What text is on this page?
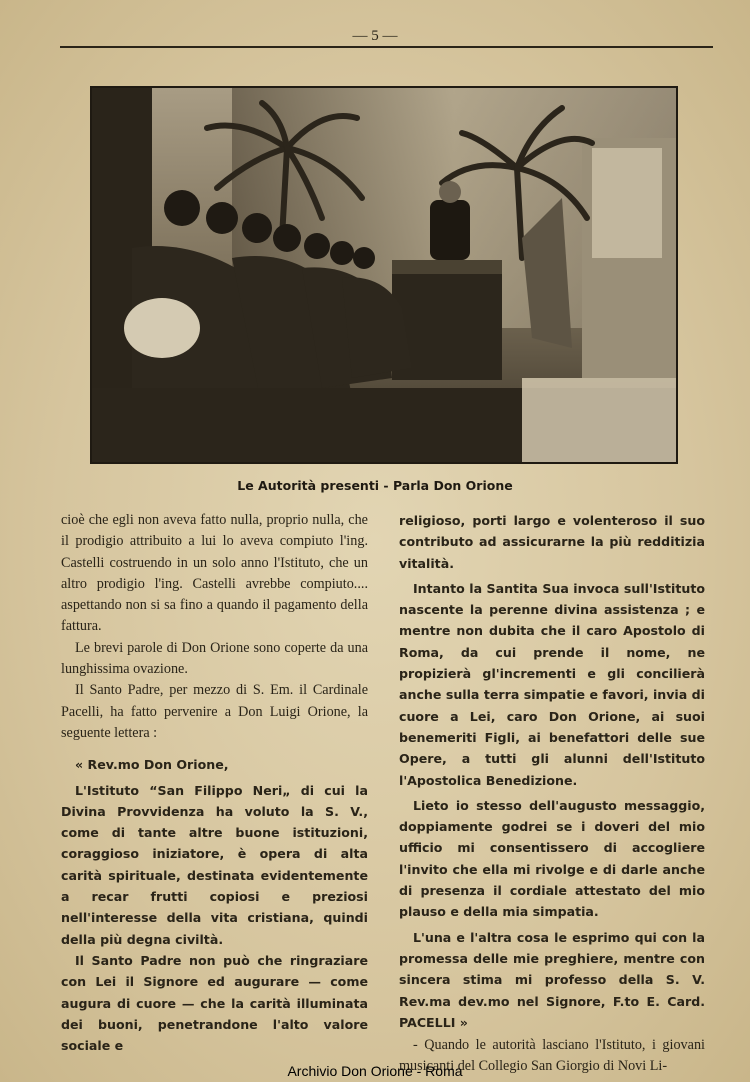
— 5 —
Le Autorità presenti - Parla Don Orione

cioè che egli non aveva fatto nulla, proprio nulla, che il prodigio attribuito a lui lo aveva compiuto l'ing. Castelli costruendo in un solo anno l'Istituto, che un altro prodigio l'ing. Castelli avrebbe compiuto.... aspettando non si sa fino a quando il pagamento della fattura.

Le brevi parole di Don Orione sono coperte da una lunghissima ovazione.

Il Santo Padre, per mezzo di S. Em. il Cardinale Pacelli, ha fatto pervenire a Don Luigi Orione, la seguente lettera :

« Rev.mo Don Orione,

L'Istituto “San Filippo Neri„ di cui la Divina Provvidenza ha voluto la S. V., come di tante altre buone istituzioni, coraggioso iniziatore, è opera di alta carità spirituale, destinata evidentemente a recar frutti copiosi e preziosi nell'interesse della vita cristiana, quindi della più degna civiltà.

Il Santo Padre non può che ringraziare con Lei il Signore ed augurare — come augura di cuore — che la carità illuminata dei buoni, penetrandone l'alto valore sociale e

religioso, porti largo e volenteroso il suo contributo ad assicurarne la più redditizia vitalità.

Intanto la Santita Sua invoca sull'Istituto nascente la perenne divina assistenza ; e mentre non dubita che il caro Apostolo di Roma, da cui prende il nome, ne propizierà gl'incrementi e gli concilierà anche sulla terra simpatie e favori, invia di cuore a Lei, caro Don Orione, ai suoi benemeriti Figli, ai benefattori delle sue Opere, a tutti gli alunni dell'Istituto l'Apostolica Benedizione.

Lieto io stesso dell'augusto messaggio, doppiamente godrei se i doveri del mio ufficio mi consentissero di accogliere l'invito che ella mi rivolge e di darle anche di presenza il cordiale attestato del mio plauso e della mia simpatia.

L'una e l'altra cosa le esprimo qui con la promessa delle mie preghiere, mentre con sincera stima mi professo della S. V. Rev.ma dev.mo nel Signore, F.to E. Card. PACELLI »

- Quando le autorità lasciano l'Istituto, i giovani musicanti del Collegio San Giorgio di Novi Li-

Archivio Don Orione - Roma
